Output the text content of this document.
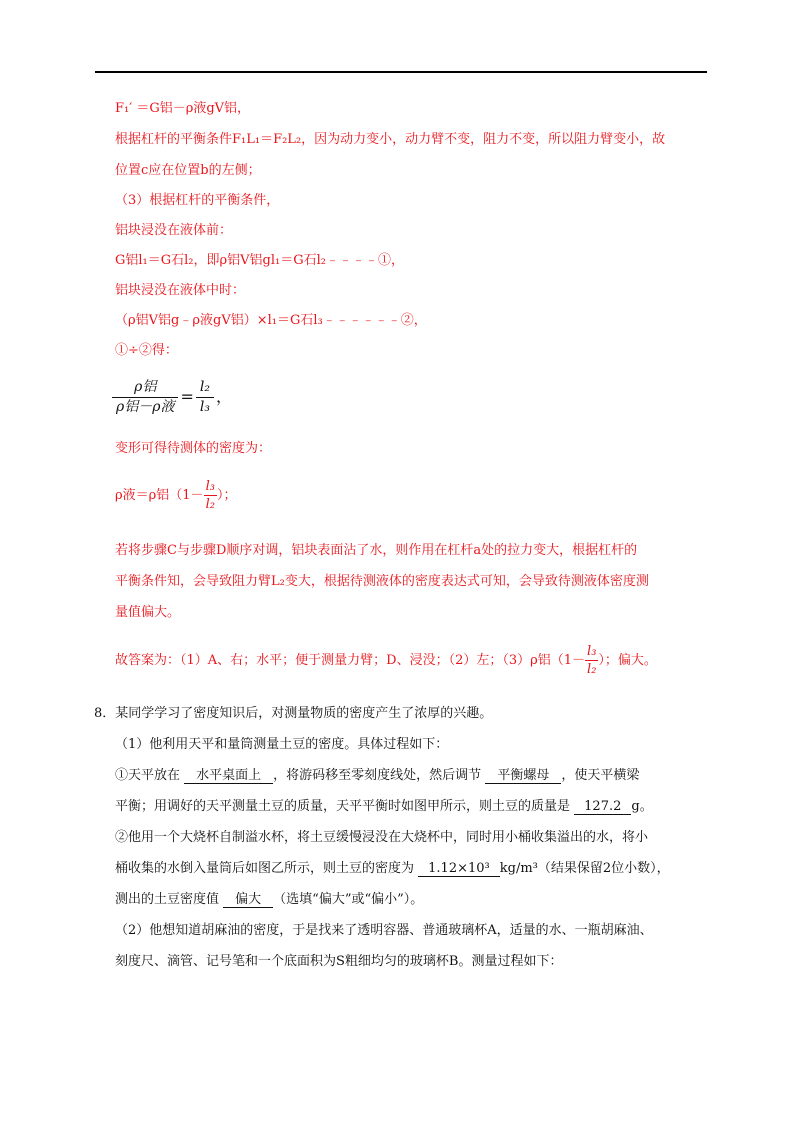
F₁′ ＝G铝－ρ液gV铝，
根据杠杆的平衡条件F₁L₁＝F₂L₂，因为动力变小，动力臂不变，阻力不变，所以阻力臂变小，故
位置c应在位置b的左侧；
（3）根据杠杆的平衡条件，
铝块浸没在液体前：
G铝l₁＝G石l₂，即ρ铝V铝gl₁＝G石l₂﹣﹣﹣﹣①，
铝块浸没在液体中时：
（ρ铝V铝g﹣ρ液gV铝）×l₁＝G石l₃﹣﹣﹣﹣﹣﹣②，
①÷②得：
ρ铝
ρ铝－ρ液
= $\frac{\text{l₂}}{\text{l₃}}$ ，
变形可得待测体的密度为：
ρ液＝ρ铝（$1- \frac{\text{l₃}}{\text{l₂}}$ ）；
若将步骤C与步骤D顺序对调，铝块表面沾了水，则作用在杠杆a处的拉力变大，根据杠杆的
平衡条件知，会导致阻力臂L₂变大，根据待测液体的密度表达式可知，会导致待测液体密度测
量值偏大。
故答案为：（1）A、右；水平；便于测量力臂；D、浸没；（2）左；（3）ρ铝（$1- \frac{\text{l₃}}{\text{l₂}}$ ）；偏大。
8．某同学学习了密度知识后，对测量物质的密度产生了浓厚的兴趣。
（1）他利用天平和量筒测量土豆的密度。具体过程如下：
①天平放在 水平桌面上 ，将游码移至零刻度线处，然后调节 平衡螺母 ，使天平横梁
平衡；用调好的天平测量土豆的质量，天平平衡时如图甲所示，则土豆的质量是 127.2 g。
②他用一个大烧杯自制溢水杯，将土豆缓慢浸没在大烧杯中，同时用小桶收集溢出的水，将小
桶收集的水倒入量筒后如图乙所示，则土豆的密度为 1.12×10³ kg/m³（结果保留2位小数），
测出的土豆密度值 偏大 （选填“偏大”或“偏小”）。
（2）他想知道胡麻油的密度，于是找来了透明容器、普通玻璃杯A，适量的水、一瓶胡麻油、
刻度尺、滴管、记号笔和一个底面积为S粗细均匀的玻璃杯B。测量过程如下：
